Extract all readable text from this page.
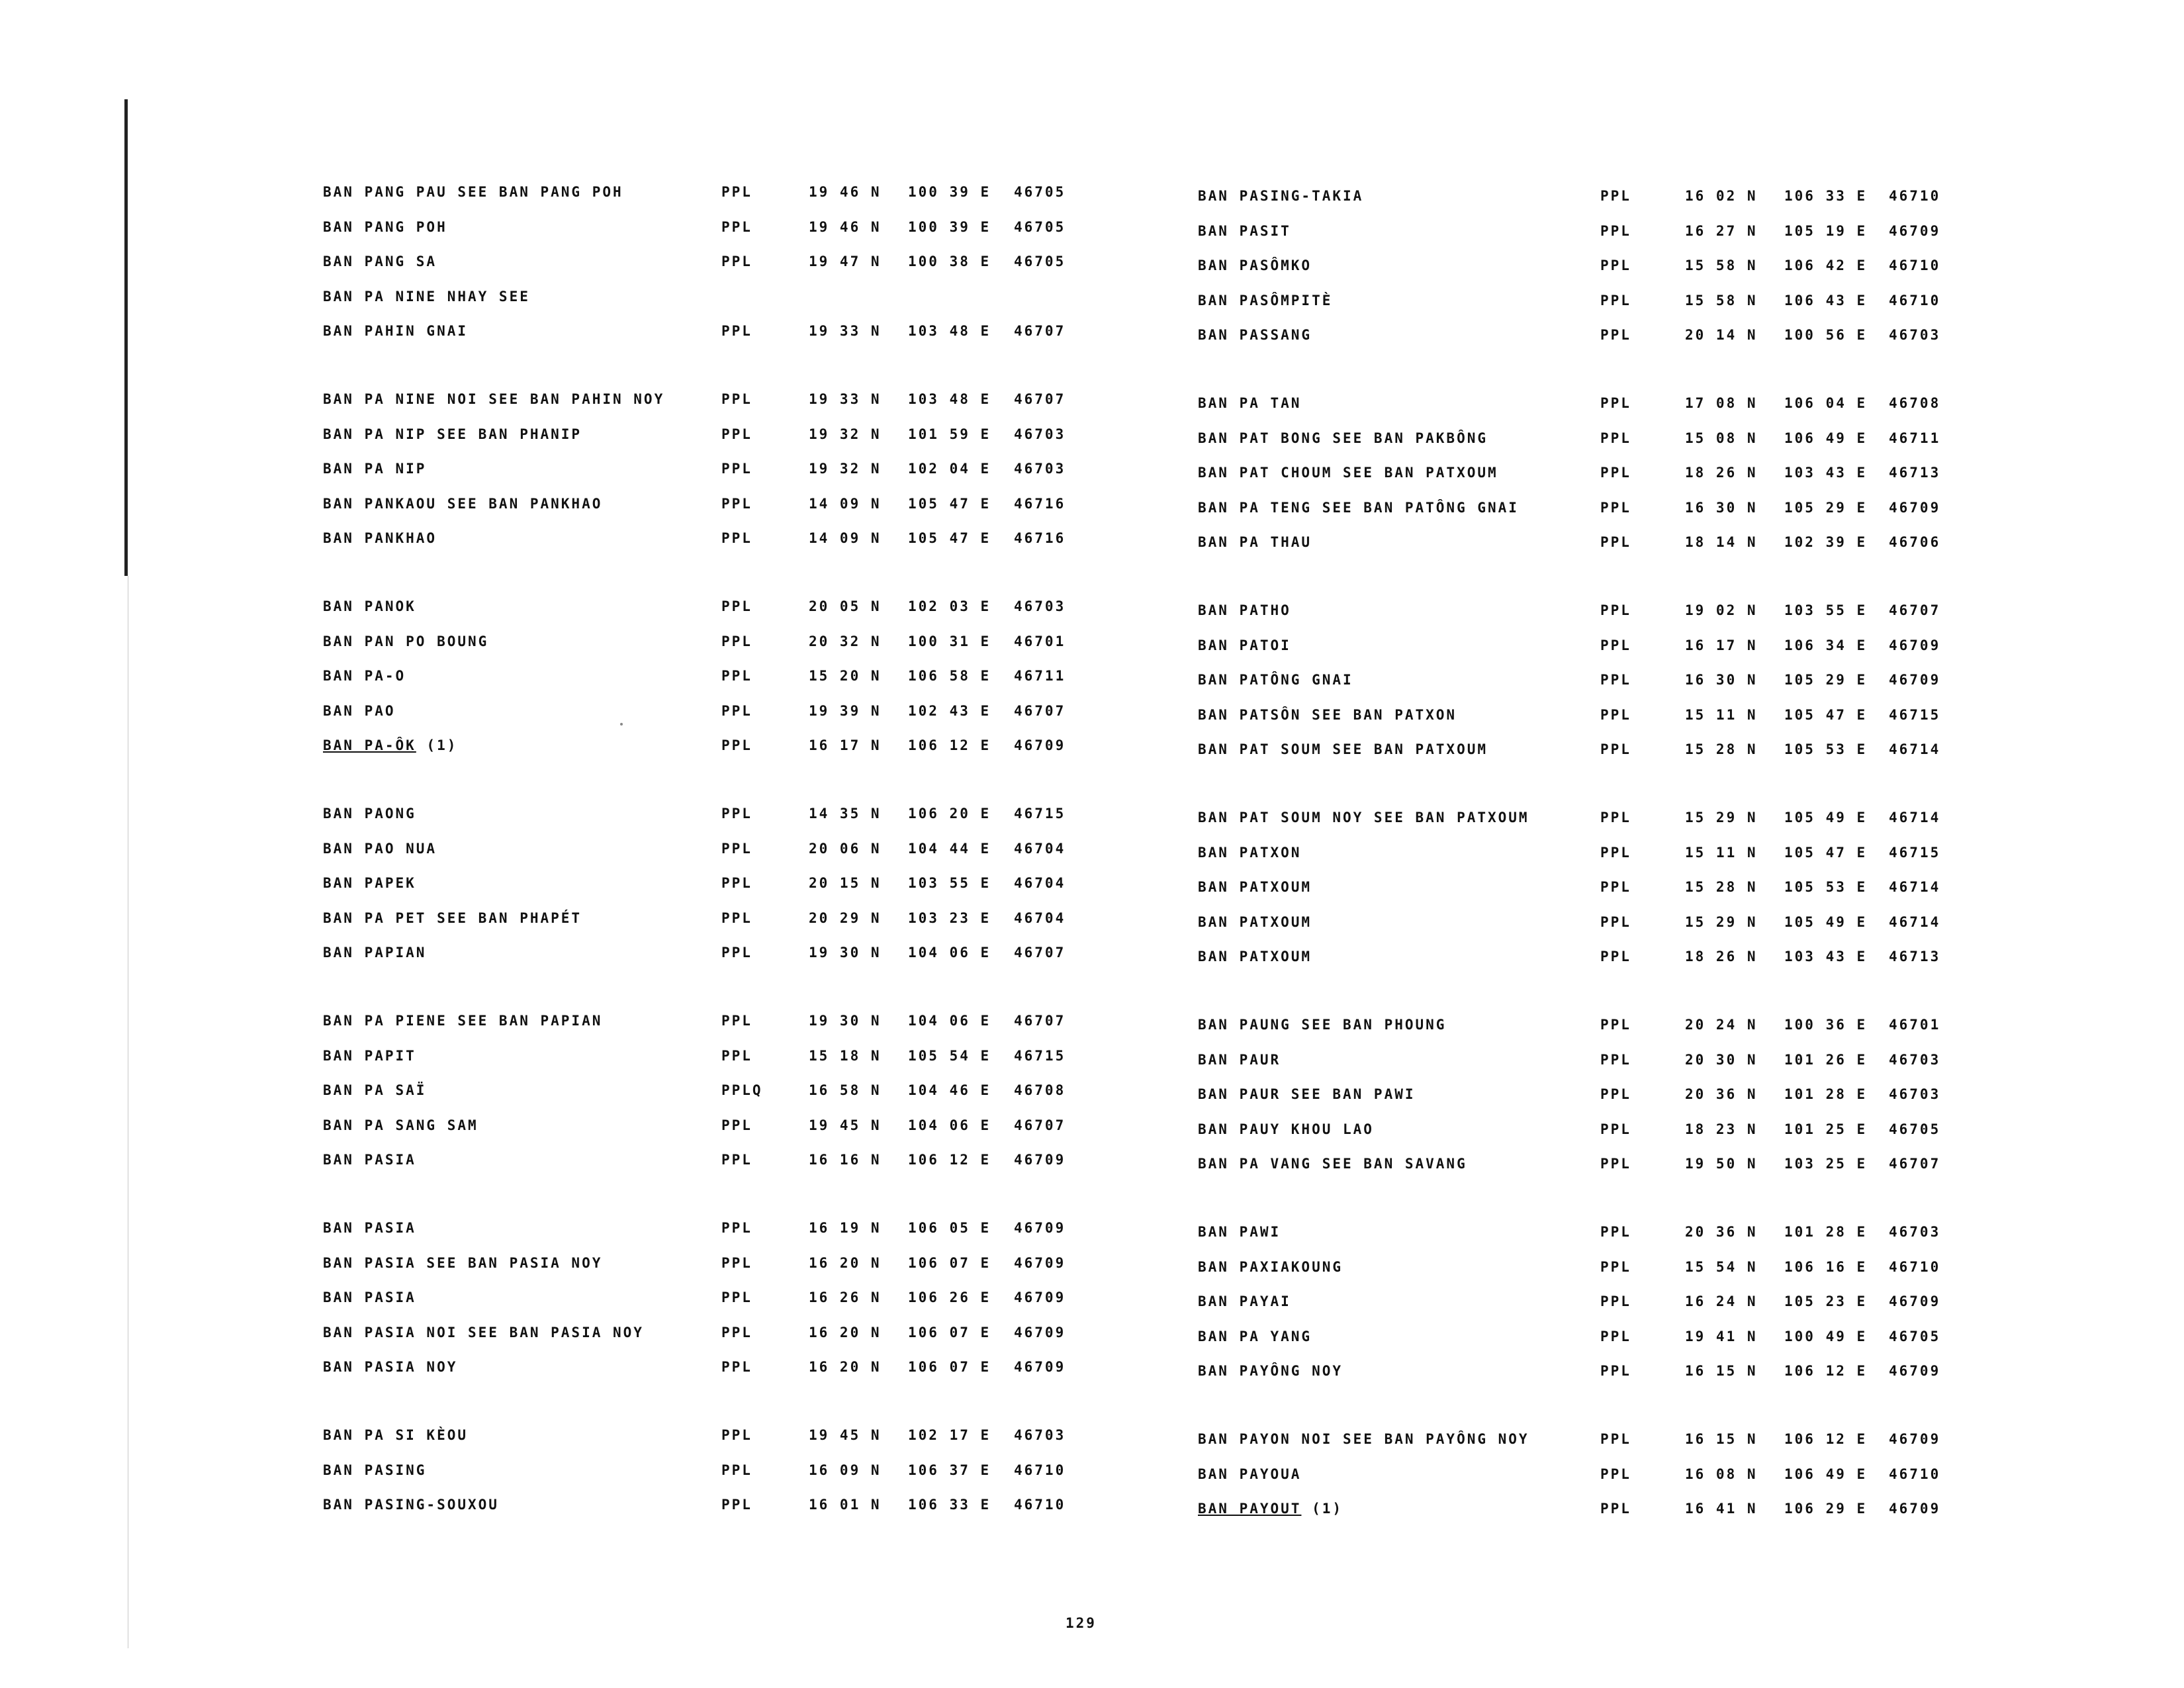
BAN PANG PAU SEE BAN PANG POH	PPL	19 46 N 100 39 E 46705
BAN PANG POH	PPL	19 46 N 100 39 E 46705
BAN PANG SA	PPL	19 47 N 100 38 E 46705
BAN PA NINE NHAY SEE
BAN PAHIN GNAI	PPL	19 33 N 103 48 E 46707
BAN PA NINE NOI SEE BAN PAHIN NOY	PPL	19 33 N 103 48 E 46707
BAN PA NIP SEE BAN PHANIP	PPL	19 32 N 101 59 E 46703
BAN PA NIP	PPL	19 32 N 102 04 E 46703
BAN PANKAOU SEE BAN PANKHAO	PPL	14 09 N 105 47 E 46716
BAN PANKHAO	PPL	14 09 N 105 47 E 46716
BAN PANOK	PPL	20 05 N 102 03 E 46703
BAN PAN PO BOUNG	PPL	20 32 N 100 31 E 46701
BAN PA-O	PPL	15 20 N 106 58 E 46711
BAN PAO	PPL	19 39 N 102 43 E 46707
BAN PA-ÔK (1)	PPL	16 17 N 106 12 E 46709
BAN PAONG	PPL	14 35 N 106 20 E 46715
BAN PAO NUA	PPL	20 06 N 104 44 E 46704
BAN PAPEK	PPL	20 15 N 103 55 E 46704
BAN PA PET SEE BAN PHAPÉT	PPL	20 29 N 103 23 E 46704
BAN PAPIAN	PPL	19 30 N 104 06 E 46707
BAN PA PIENE SEE BAN PAPIAN	PPL	19 30 N 104 06 E 46707
BAN PAPIT	PPL	15 18 N 105 54 E 46715
BAN PA SAÏ	PPLQ	16 58 N 104 46 E 46708
BAN PA SANG SAM	PPL	19 45 N 104 06 E 46707
BAN PASIA	PPL	16 16 N 106 12 E 46709
BAN PASIA	PPL	16 19 N 106 05 E 46709
BAN PASIA SEE BAN PASIA NOY	PPL	16 20 N 106 07 E 46709
BAN PASIA	PPL	16 26 N 106 26 E 46709
BAN PASIA NOI SEE BAN PASIA NOY	PPL	16 20 N 106 07 E 46709
BAN PASIA NOY	PPL	16 20 N 106 07 E 46709
BAN PA SI KÈOU	PPL	19 45 N 102 17 E 46703
BAN PASING	PPL	16 09 N 106 37 E 46710
BAN PASING-SOUXOU	PPL	16 01 N 106 33 E 46710
BAN PASING-TAKIA	PPL	16 02 N 106 33 E 46710
BAN PASIT	PPL	16 27 N 105 19 E 46709
BAN PASÔMKO	PPL	15 58 N 106 42 E 46710
BAN PASÔMPITÈ	PPL	15 58 N 106 43 E 46710
BAN PASSANG	PPL	20 14 N 100 56 E 46703
BAN PA TAN	PPL	17 08 N 106 04 E 46708
BAN PAT BONG SEE BAN PAKBÔNG	PPL	15 08 N 106 49 E 46711
BAN PAT CHOUM SEE BAN PATXOUM	PPL	18 26 N 103 43 E 46713
BAN PA TENG SEE BAN PATÔNG GNAI	PPL	16 30 N 105 29 E 46709
BAN PA THAU	PPL	18 14 N 102 39 E 46706
BAN PATHO	PPL	19 02 N 103 55 E 46707
BAN PATOI	PPL	16 17 N 106 34 E 46709
BAN PATÔNG GNAI	PPL	16 30 N 105 29 E 46709
BAN PATSÔN SEE BAN PATXON	PPL	15 11 N 105 47 E 46715
BAN PAT SOUM SEE BAN PATXOUM	PPL	15 28 N 105 53 E 46714
BAN PAT SOUM NOY SEE BAN PATXOUM	PPL	15 29 N 105 49 E 46714
BAN PATXON	PPL	15 11 N 105 47 E 46715
BAN PATXOUM	PPL	15 28 N 105 53 E 46714
BAN PATXOUM	PPL	15 29 N 105 49 E 46714
BAN PATXOUM	PPL	18 26 N 103 43 E 46713
BAN PAUNG SEE BAN PHOUNG	PPL	20 24 N 100 36 E 46701
BAN PAUR	PPL	20 30 N 101 26 E 46703
BAN PAUR SEE BAN PAWI	PPL	20 36 N 101 28 E 46703
BAN PAUY KHOU LAO	PPL	18 23 N 101 25 E 46705
BAN PA VANG SEE BAN SAVANG	PPL	19 50 N 103 25 E 46707
BAN PAWI	PPL	20 36 N 101 28 E 46703
BAN PAXIAKOUNG	PPL	15 54 N 106 16 E 46710
BAN PAYAI	PPL	16 24 N 105 23 E 46709
BAN PA YANG	PPL	19 41 N 100 49 E 46705
BAN PAYÔNG NOY	PPL	16 15 N 106 12 E 46709
BAN PAYON NOI SEE BAN PAYÔNG NOY	PPL	16 15 N 106 12 E 46709
BAN PAYOUA	PPL	16 08 N 106 49 E 46710
BAN PAYOUT (1)	PPL	16 41 N 106 29 E 46709
129
